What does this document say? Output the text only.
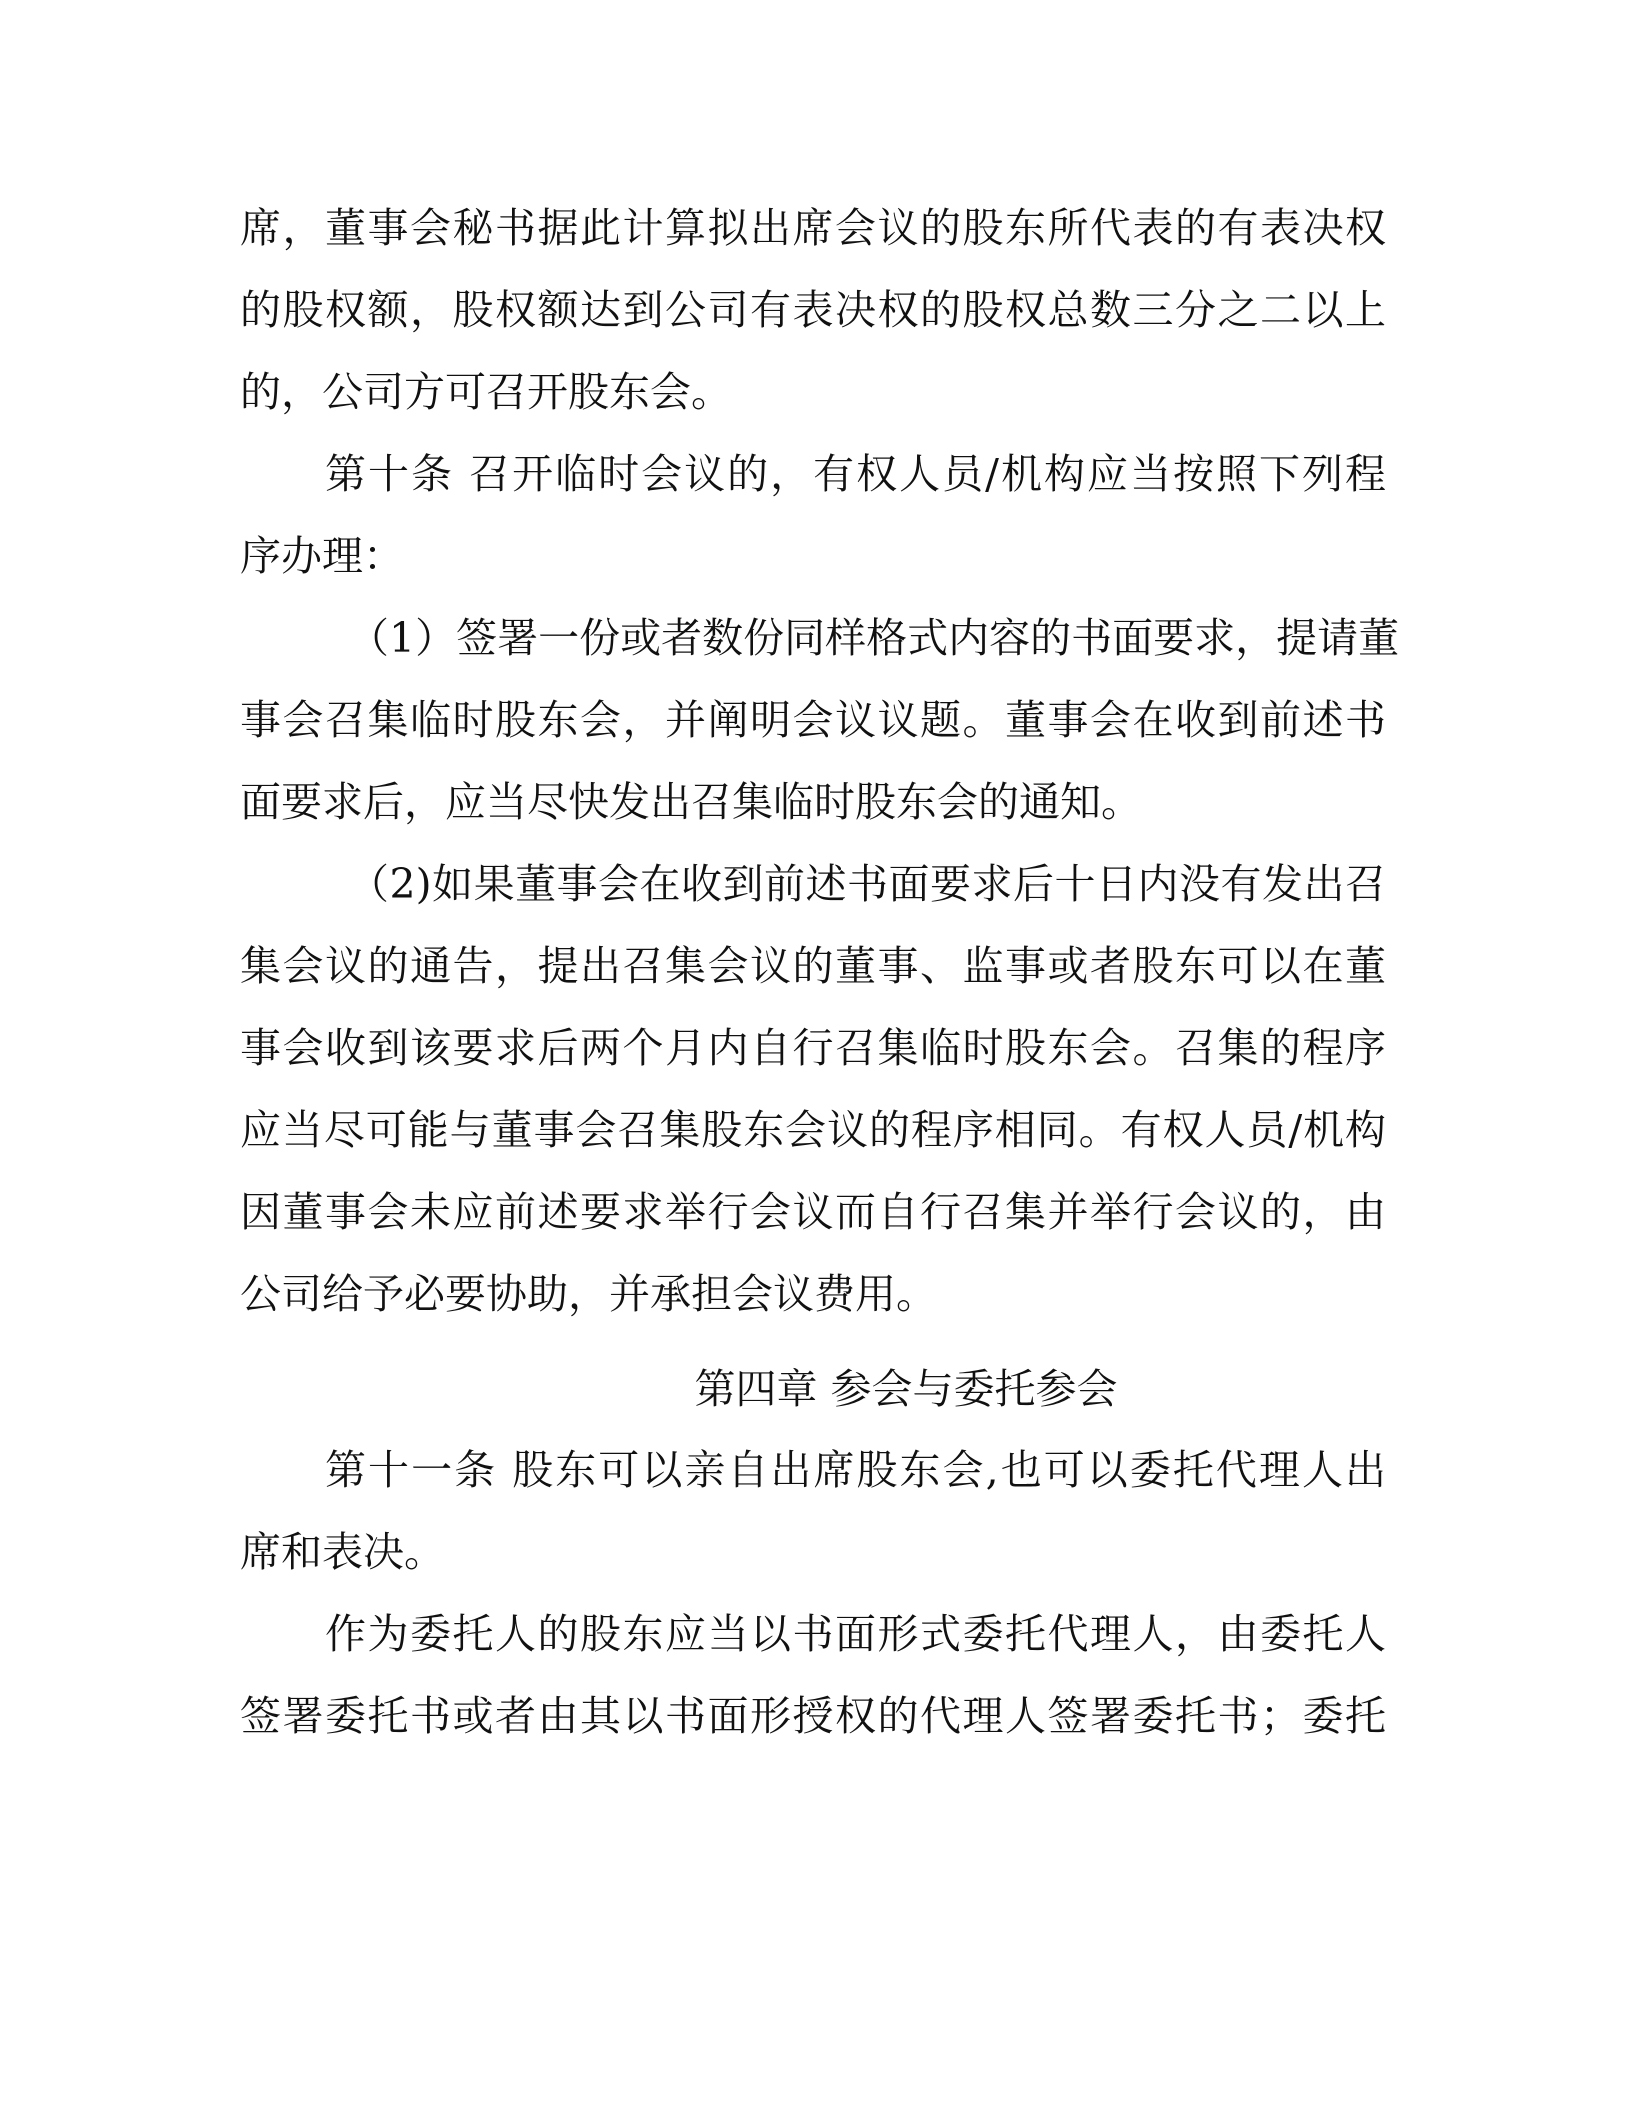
席，董事会秘书据此计算拟出席会议的股东所代表的有表决权
的股权额，股权额达到公司有表决权的股权总数三分之二以上
的，公司方可召开股东会。
第十条 召开临时会议的，有权人员/机构应当按照下列程
序办理：
（1）签署一份或者数份同样格式内容的书面要求，提请董
事会召集临时股东会，并阐明会议议题。董事会在收到前述书
面要求后，应当尽快发出召集临时股东会的通知。
（2)如果董事会在收到前述书面要求后十日内没有发出召
集会议的通告，提出召集会议的董事、监事或者股东可以在董
事会收到该要求后两个月内自行召集临时股东会。召集的程序
应当尽可能与董事会召集股东会议的程序相同。有权人员/机构
因董事会未应前述要求举行会议而自行召集并举行会议的，由
公司给予必要协助，并承担会议费用。
第四章 参会与委托参会
第十一条 股东可以亲自出席股东会,也可以委托代理人出
席和表决。
作为委托人的股东应当以书面形式委托代理人，由委托人
签署委托书或者由其以书面形授权的代理人签署委托书；委托
